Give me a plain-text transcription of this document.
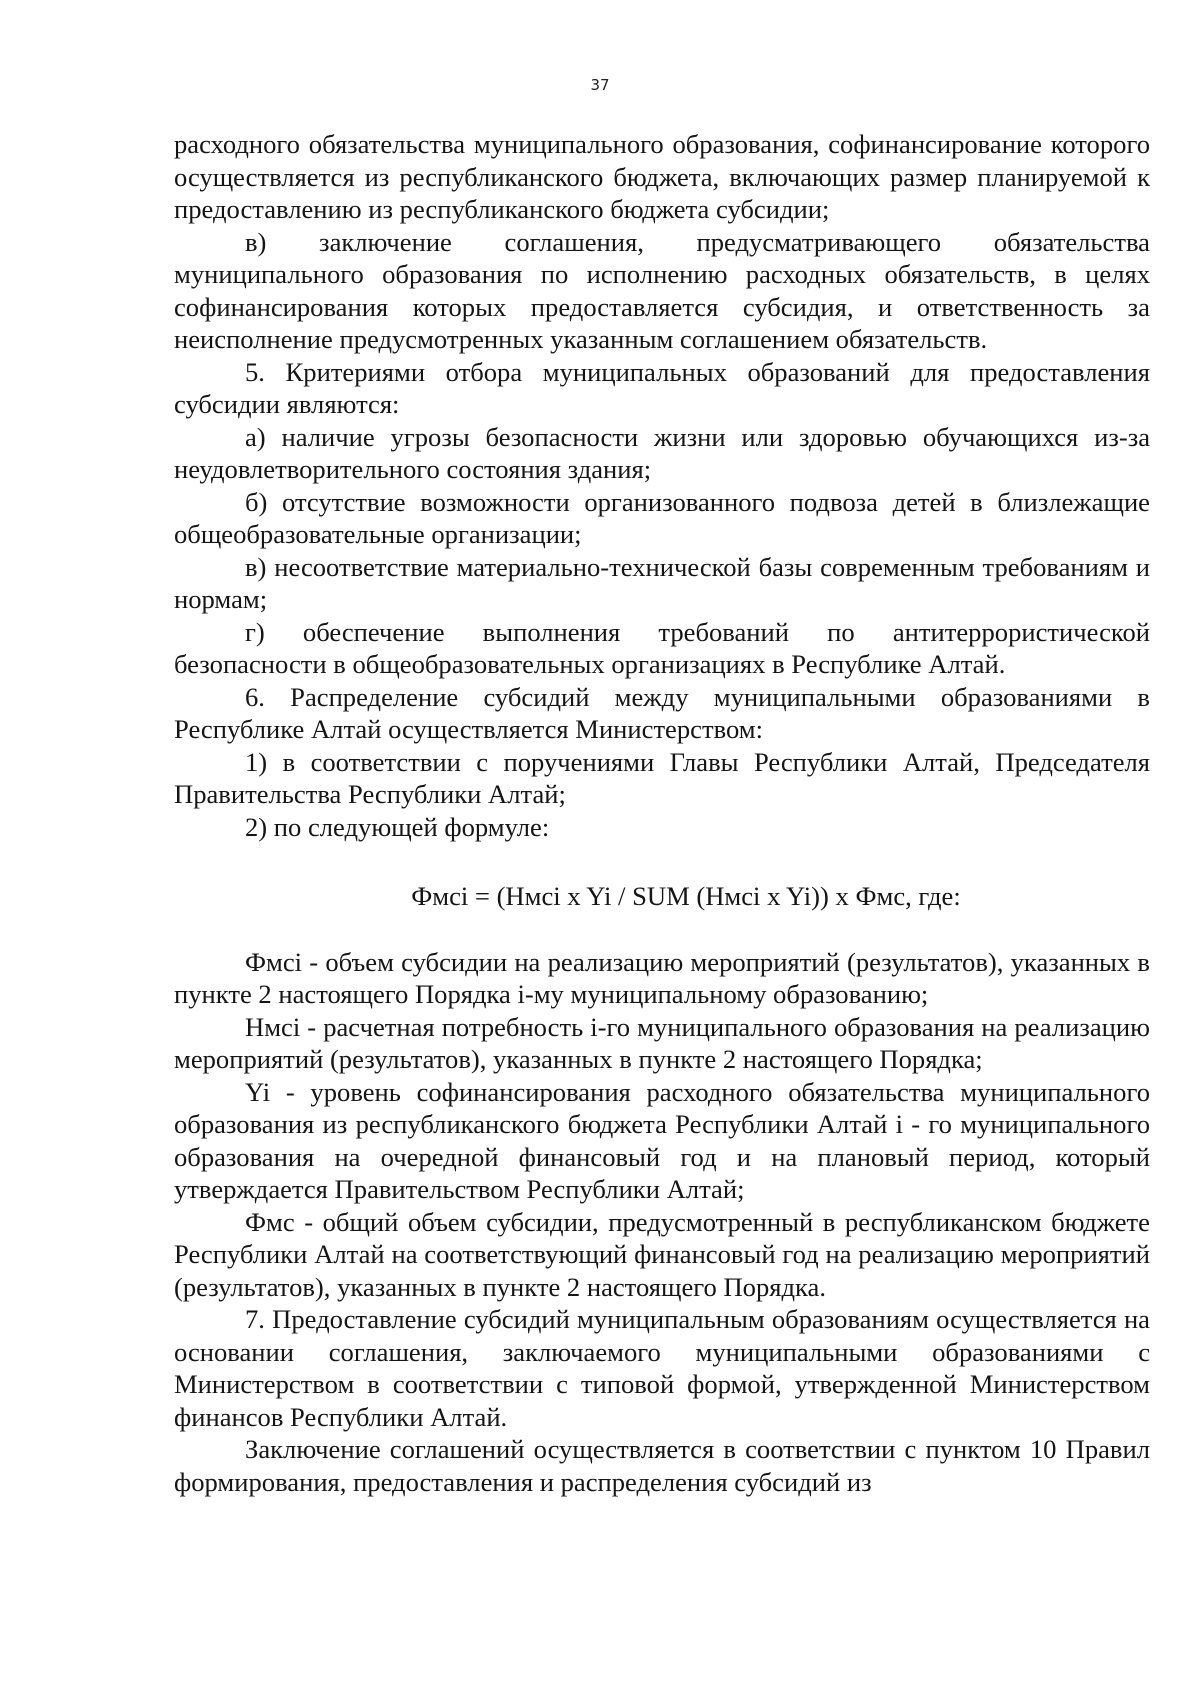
37

расходного обязательства муниципального образования, софинансирование которого осуществляется из республиканского бюджета, включающих размер планируемой к предоставлению из республиканского бюджета субсидии;

в) заключение соглашения, предусматривающего обязательства муниципального образования по исполнению расходных обязательств, в целях софинансирования которых предоставляется субсидия, и ответственность за неисполнение предусмотренных указанным соглашением обязательств.

5. Критериями отбора муниципальных образований для предоставления субсидии являются:

а) наличие угрозы безопасности жизни или здоровью обучающихся из-за неудовлетворительного состояния здания;

б) отсутствие возможности организованного подвоза детей в близлежащие общеобразовательные организации;

в) несоответствие материально-технической базы современным требованиям и нормам;

г) обеспечение выполнения требований по антитеррористической безопасности в общеобразовательных организациях в Республике Алтай.

6. Распределение субсидий между муниципальными образованиями в Республике Алтай осуществляется Министерством:

1) в соответствии с поручениями Главы Республики Алтай, Председателя Правительства Республики Алтай;

2) по следующей формуле:

Фмсi = (Нмсi x Yi / SUM (Нмсi x Yi)) x Фмс, где:

Фмсi - объем субсидии на реализацию мероприятий (результатов), указанных в пункте 2 настоящего Порядка i-му муниципальному образованию;

Нмсi - расчетная потребность i-го муниципального образования на реализацию мероприятий (результатов), указанных в пункте 2 настоящего Порядка;

Yi - уровень софинансирования расходного обязательства муниципального образования из республиканского бюджета Республики Алтай i - го муниципального образования на очередной финансовый год и на плановый период, который утверждается Правительством Республики Алтай;

Фмс - общий объем субсидии, предусмотренный в республиканском бюджете Республики Алтай на соответствующий финансовый год на реализацию мероприятий (результатов), указанных в пункте 2 настоящего Порядка.

7. Предоставление субсидий муниципальным образованиям осуществляется на основании соглашения, заключаемого муниципальными образованиями с Министерством в соответствии с типовой формой, утвержденной Министерством финансов Республики Алтай.

Заключение соглашений осуществляется в соответствии с пунктом 10 Правил формирования, предоставления и распределения субсидий из
